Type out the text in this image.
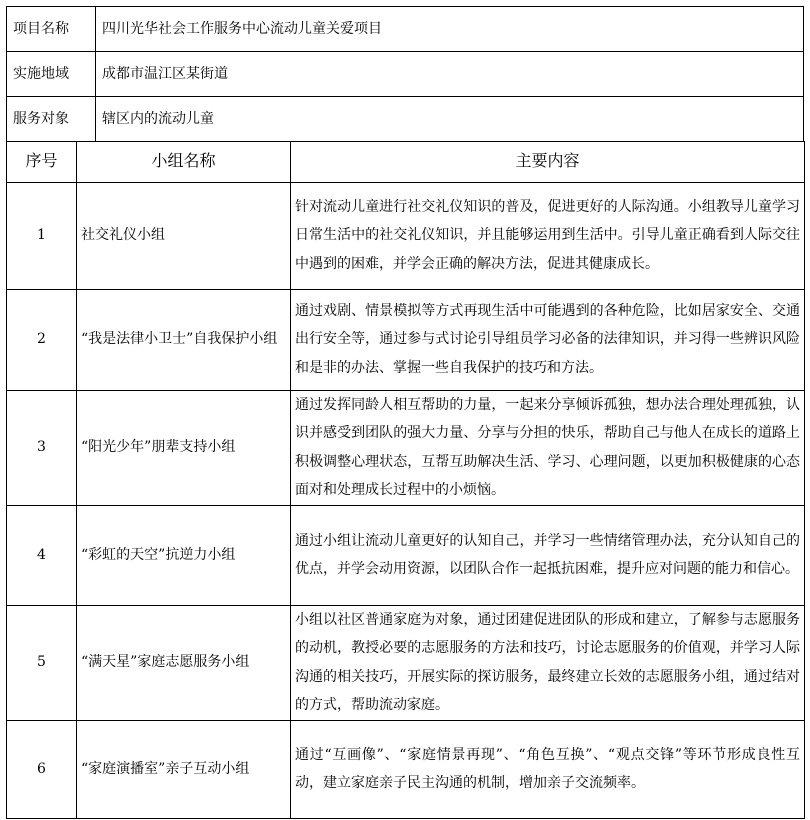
项目名称	四川光华社会工作服务中心流动儿童关爱项目
实施地域	成都市温江区某街道
服务对象	辖区内的流动儿童
序号	小组名称	主要内容
1	社交礼仪小组	针对流动儿童进行社交礼仪知识的普及，促进更好的人际沟通。小组教导儿童学习日常生活中的社交礼仪知识，并且能够运用到生活中。引导儿童正确看到人际交往中遇到的困难，并学会正确的解决方法，促进其健康成长。
2	“我是法律小卫士”自我保护小组	通过戏剧、情景模拟等方式再现生活中可能遇到的各种危险，比如居家安全、交通出行安全等，通过参与式讨论引导组员学习必备的法律知识，并习得一些辨识风险和是非的办法、掌握一些自我保护的技巧和方法。
3	“阳光少年”朋辈支持小组	通过发挥同龄人相互帮助的力量，一起来分享倾诉孤独，想办法合理处理孤独，认识并感受到团队的强大力量、分享与分担的快乐，帮助自己与他人在成长的道路上积极调整心理状态，互帮互助解决生活、学习、心理问题，以更加积极健康的心态面对和处理成长过程中的小烦恼。
4	“彩虹的天空”抗逆力小组	通过小组让流动儿童更好的认知自己，并学习一些情绪管理办法，充分认知自己的优点，并学会动用资源，以团队合作一起抵抗困难，提升应对问题的能力和信心。
5	“满天星”家庭志愿服务小组	小组以社区普通家庭为对象，通过团建促进团队的形成和建立，了解参与志愿服务的动机，教授必要的志愿服务的方法和技巧，讨论志愿服务的价值观，并学习人际沟通的相关技巧，开展实际的探访服务，最终建立长效的志愿服务小组，通过结对的方式，帮助流动家庭。
6	“家庭演播室”亲子互动小组	通过“互画像”、“家庭情景再现”、“角色互换”、“观点交锋”等环节形成良性互动，建立家庭亲子民主沟通的机制，增加亲子交流频率。
